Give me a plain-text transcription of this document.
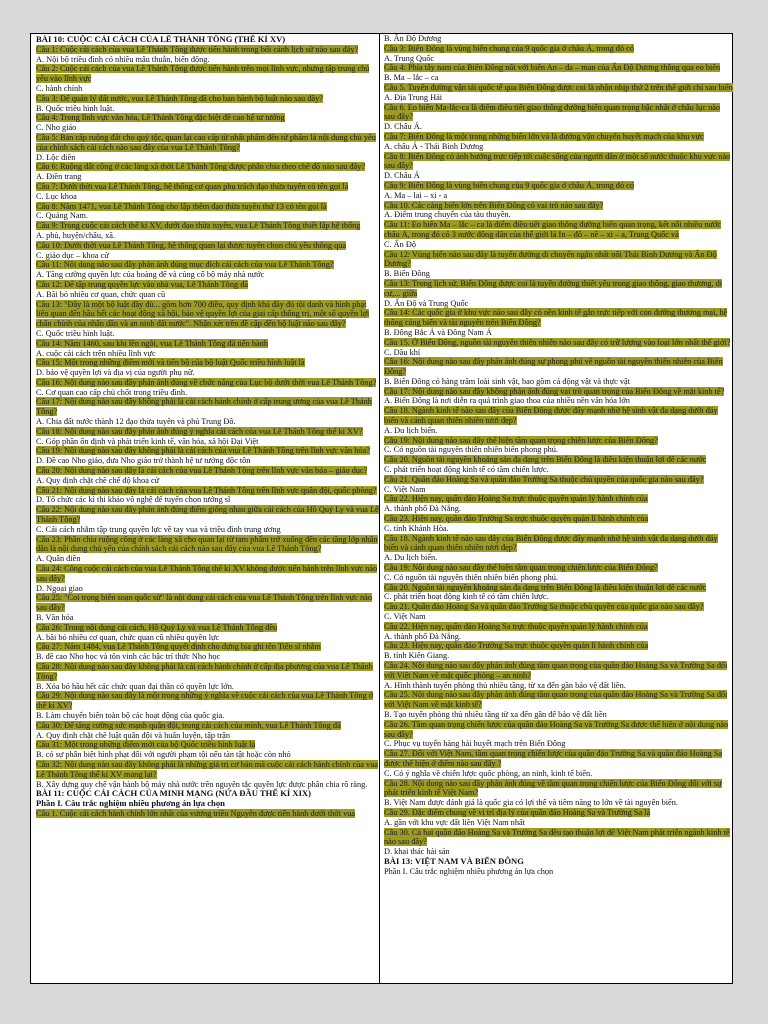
BÀI 10: CUỘC CẢI CÁCH CỦA LÊ THÁNH TÔNG (THẾ KỈ XV)

Câu 1: Cuộc cải cách của vua Lê Thánh Tông được tiến hành trong bối cảnh lịch sử nào sau đây?

A. Nội bộ triều đình có nhiều mâu thuẫn, biến động.

Câu 2: Cuộc cải cách của vua Lê Thánh Tông được tiến hành trên mọi lĩnh vực, nhưng tập trung chủ yếu vào lĩnh vực

C. hành chính

Câu 3: Để quản lý đất nước, vua Lê Thánh Tông đã cho ban hành bộ luật nào sau đây?

B. Quốc triều hình luật.

Câu 4: Trong lĩnh vực văn hóa, Lê Thánh Tông đặc biệt đề cao hệ tư tưởng

C. Nho giáo

Câu 5: Bản cấp ruộng đất cho quý tộc, quan lại cao cấp từ nhất phẩm đến tứ phẩm là nội dung chủ yếu của chính sách cải cách nào sau đây của vua Lê Thánh Tông?

D. Lộc điền

Câu 6: Ruộng đất công ở các làng xã thời Lê Thánh Tông được phân chia theo chế độ nào sau đây?

A. Điền trang

Câu 7: Dưới thời vua Lê Thánh Tông, hệ thống cơ quan phụ trách đạo thừa tuyên có tên gọi là

C. Lục khoa

Câu 8: Năm 1471, vua Lê Thánh Tông cho lập thêm đạo thừa tuyên thứ 13 có tên gọi là

C. Quảng Nam.

Câu 9: Trong cuộc cải cách thế kỉ XV, dưới đạo thừa tuyên, vua Lê Thánh Tông thiết lập hệ thống

A. phủ, huyện/châu, xã.

Câu 10: Dưới thời vua Lê Thánh Tông, hệ thống quan lại được tuyển chọn chủ yếu thông qua

C. giáo dục – khoa cử

Câu 11: Nội dung nào sau đây phản ánh đúng mục đích cải cách của vua Lê Thánh Tông?

A. Tăng cường quyền lực của hoàng đế và củng cố bộ máy nhà nước

Câu 12: Để tập trung quyền lực vào nhà vua, Lê Thánh Tông đã

A. Bãi bỏ nhiều cơ quan, chức quan cũ

Câu 13: "Đây là một bộ luật đầy đủ... gồm hơn 700 điều, quy định khá đầy đủ tội danh và hình phạt liên quan đến hầu hết các hoạt động xã hội, bảo vệ quyền lợi của giai cấp thống trị, một số quyền lợi chân chính của nhân dân và an ninh đất nước". Nhận xét trên đề cập đến bộ luật nào sau đây?

C. Quốc triều hình luật.

Câu 14: Năm 1460, sau khi lên ngôi, vua Lê Thánh Tông đã tiến hành

A. cuộc cải cách trên nhiều lĩnh vực

Câu 15: Một trong những điểm mới và tiến bộ của bộ luật Quốc triều hình luật là

D. bảo vệ quyền lợi và địa vị của người phụ nữ.

Câu 16: Nội dung nào sau đây phản ánh đúng về chức năng của Lục bộ dưới thời vua Lê Thánh Tông?

C. Cơ quan cao cấp chủ chốt trong triều đình.

Câu 17: Nội dung nào sau đây không phải là cải cách hành chính ở cấp trung ương của vua Lê Thánh Tông?

A. Chia đất nước thành 12 đạo thừa tuyên và phủ Trung Đô.

Câu 18: Nội dung nào sau đây phản ánh đúng ý nghĩa cải cách của vua Lê Thánh Tông thế kỉ XV?

C. Góp phần ổn định và phát triển kinh tế, văn hóa, xã hội Đại Việt

Câu 19: Nội dung nào sau đây không phải là cải cách của vua Lê Thánh Tông trên lĩnh vực văn hóa?

D. Đề cao Nho giáo, đưa Nho giáo trở thành hệ tư tưởng độc tôn

Câu 20: Nội dung nào sau đây là cải cách của vua Lê Thánh Tông trên lĩnh vực văn hóa – giáo dục?

A. Quy định chặt chẽ chế độ khoa cử

Câu 21: Nội dung nào sau đây là cải cách của vua Lê Thánh Tông trên lĩnh vực quân đội, quốc phòng?

D. Tổ chức các kì thi khảo võ nghệ để tuyển chọn tướng sĩ

Câu 22: Nội dung nào sau đây phản ánh đúng điểm giống nhau giữa cải cách của Hồ Quý Ly và vua Lê Thánh Tông?

C. Cải cách nhằm tập trung quyền lực về tay vua và triều đình trung ương

Câu 23: Phần chia ruộng công ở các làng xã cho quan lại từ tam phẩm trở xuống đến các tầng lớp nhân dân là nội dung chủ yếu của chính sách cải cách nào sau đây của vua Lê Thánh Tông?

A. Quân điền

Câu 24: Công cuộc cải cách của vua Lê Thánh Tông thế kỉ XV không được tiến hành trên lĩnh vực nào sau đây?

D. Ngoại giao

Câu 25: "Coi trọng biên soạn quốc sử" là nội dung cải cách của vua Lê Thánh Tông trên lĩnh vực nào sau đây?

B. Văn hóa

Câu 26: Trong nội dung cải cách, Hồ Quý Ly và vua Lê Thánh Tông đều

A. bãi bỏ nhiều cơ quan, chức quan cũ nhiều quyền lực

Câu 27: Năm 1484, vua Lê Thánh Tông quyết định cho dựng bia ghi tên Tiến sĩ nhằm

B. đề cao Nho học và tôn vinh các bậc trí thức Nho học

Câu 28: Nội dung nào sau đây không phải là cải cách hành chính ở cấp địa phương của vua Lê Thánh Tông?

B. Xóa bỏ hầu hết các chức quan đại thần có quyền lực lớn.

Câu 29: Nội dung nào sau đây là một trong những ý nghĩa về cuộc cải cách của vua Lê Thánh Tông ở thế kỉ XV?

B. Làm chuyển biến toàn bộ các hoạt động của quốc gia.

Câu 30: Để tăng cường sức mạnh quân đội, trong cải cách của mình, vua Lê Thánh Tông đã

A. Quy định chặt chẽ luật quân đội và huấn luyện, tập trận

Câu 31: Một trong những điểm mới của bộ Quốc triều hình luật là

B. có sự phân biệt hình phạt đối với người phạm tội nếu tàn tật hoặc còn nhỏ

Câu 32: Nội dung nào sau đây không phải là những giá trị cơ bản mà cuộc cải cách hành chính của vua Lê Thánh Tông thế kỉ XV mang lại?

B. Xây dựng quy chế vận hành bộ máy nhà nước trên nguyên tắc quyền lực được phân chia rõ ràng.

BÀI 11: CUỘC CẢI CÁCH CỦA MINH MẠNG (NỬA ĐẦU THẾ KỈ XIX)

Phần I. Câu trắc nghiệm nhiều phương án lựa chọn

Câu 1. Cuộc cải cách hành chính lớn nhất của vương triều Nguyễn được tiến hành dưới thời vua

B. Ấn Độ Dương

Câu 3: Biển Đông là vùng biển chung của 9 quốc gia ở châu Á, trong đó có

A. Trung Quốc

Câu 4: Phía tây nam của Biển Đông nối với biển An – đa – man của Ấn Độ Dương thông qua eo biển

B. Ma – lắc – ca

Câu 5. Tuyến đường vận tải quốc tế qua Biển Đông được coi là nhộn nhịp thứ 2 trên thế giới chỉ sau biển

A. Địa Trung Hải

Câu 6. Eo biển Ma-lắc-ca là điểm điều tiết giao thông đường biển quan trọng bậc nhất ở châu lục nào sau đây?

D. Châu Á.

Câu 7: Biển Đông là một trong những biển lớn và là đường vận chuyển huyết mạch của khu vực

A. châu Á - Thái Bình Dương

Câu 8: Biển Đông có ảnh hưởng trực tiếp tới cuộc sống của người dân ở một số nước thuộc khu vực nào sau đây?

D. Châu Á

Câu 9: Biển Đông là vùng biển chung của 9 quốc gia ở châu Á, trong đó có

A. Ma – lai – xi - a

Câu 10. Các cảng biển lớn trên Biển Đông có vai trò nào sau đây?

A. Điểm trung chuyển của tàu thuyền.

Câu 11: Eo biển Ma – lắc – ca là điểm điều tiết giao thông đường biển quan trọng, kết nối nhiều nước châu Á, trong đó có 3 nước đông dân của thế giới là In – đô – nê – xi – a, Trung Quốc và

C. Ấn Độ

Câu 12: Vùng biển nào sau đây là tuyến đường di chuyển ngắn nhất nối Thái Bình Dương và Ấn Độ Dương?

B. Biển Đông

Câu 13: Trong lịch sử, Biển Đông được coi là tuyến đường thiết yếu trong giao thông, giao thương, di cư,... giữa

D. Ấn Độ và Trung Quốc

Câu 14: Các quốc gia ở khu vực nào sau đây có nền kinh tế gắn trực tiếp với con đường thương mại, hệ thống cảng biển và tài nguyên trên Biển Đông?

B. Đông Bắc Á và Đông Nam Á

Câu 15. Ở Biển Đông, nguồn tài nguyên thiên nhiên nào sau đây có trữ lượng vào loại lớn nhất thế giới?

C. Dầu khí

Câu 16: Nội dung nào sau đây phản ánh đúng sự phong phú về nguồn tài nguyên thiên nhiên của Biển Đông?

B. Biển Đông có hàng trăm loài sinh vật, bao gồm cả động vật và thực vật

Câu 17: Nội dung nào sau đây không phản ánh đúng vai trò quan trọng của Biển Đông về mặt kinh tế?

A. Biển Đông là nơi diễn ra quá trình giao thoa của nhiều nền văn hóa lớn

Câu 18. Ngành kinh tế nào sau đây của Biển Đông được đẩy mạnh nhờ hệ sinh vật đa dạng dưới đáy biển và cảnh quan thiên nhiên tươi đẹp?

A. Du lịch biển.

Câu 19: Nội dung nào sau đây thể hiện tầm quan trọng chiến lược của Biển Đông?

C. Có nguồn tài nguyên thiên nhiên biển phong phú.

Câu 20. Nguồn tài nguyên khoáng sản đa dạng trên Biển Đông là điều kiện thuận lợi để các nước

C. phát triển hoạt động kinh tế có tầm chiến lược.

Câu 21. Quần đảo Hoàng Sa và quần đảo Trường Sa thuộc chủ quyền của quốc gia nào sau đây?

C. Việt Nam

Câu 22. Hiện nay, quần đảo Hoàng Sa trực thuộc quyền quản lý hành chính của

A. thành phố Đà Nẵng.

Câu 23. Hiện nay, quần đảo Trường Sa trực thuộc quyền quản lí hành chính của

C. tỉnh Khánh Hòa.

Câu 18. Ngành kinh tế nào sau đây của Biển Đông được đẩy mạnh nhờ hệ sinh vật đa dạng dưới đáy biển và cảnh quan thiên nhiên tươi đẹp?

A. Du lịch biển.

Câu 19: Nội dung nào sau đây thể hiện tầm quan trọng chiến lược của Biển Đông?

C. Có nguồn tài nguyên thiên nhiên biển phong phú.

Câu 20. Nguồn tài nguyên khoáng sản đa dạng trên Biển Đông là điều kiện thuận lợi để các nước

C. phát triển hoạt động kinh tế có tầm chiến lược.

Câu 21. Quần đảo Hoàng Sa và quần đảo Trường Sa thuộc chủ quyền của quốc gia nào sau đây?

C. Việt Nam

Câu 22. Hiện nay, quần đảo Hoàng Sa trực thuộc quyền quản lý hành chính của

A. thành phố Đà Nẵng.

Câu 23. Hiện nay, quần đảo Trường Sa trực thuộc quyền quản lí hành chính của

B. tỉnh Kiên Giang.

Câu 24. Nội dung nào sau đây phản ánh đúng tầm quan trọng của quần đảo Hoàng Sa và Trường Sa đối với Việt Nam về mặt quốc phòng – an ninh?

A. Hình thành tuyến phòng thủ nhiều tầng, từ xa đến gần bảo vệ đất liền.

Câu 25. Nội dung nào sau đây phản ánh đúng tầm quan trọng của quần đảo Hoàng Sa và Trường Sa đối với Việt Nam về mặt kinh tế?

B. Tạo tuyến phòng thủ nhiều tầng từ xa đến gần để bảo vệ đất liền

Câu 26. Tầm quan trọng chiến lược của quần đảo Hoàng Sa và Trường Sa được thể hiện ở nội dung nào sau đây?

C. Phục vụ tuyến hàng hải huyết mạch trên Biển Đông

Câu 27. Đối với Việt Nam, tầm quan trọng chiến lược của quần đảo Trường Sa và quần đảo Hoàng Sa được thể hiện ở điểm nào sau đây ?

C. Có ý nghĩa về chiến lược quốc phòng, an ninh, kinh tế biển.

Câu 28. Nội dung nào sau đây phản ánh đúng về tầm quan trọng chiến lược của Biển Đông đối với sự phát triển kinh tế Việt Nam?

B. Việt Nam được đánh giá là quốc gia có lợi thế và tiềm năng to lớn về tài nguyên biển.

Câu 29. Đặc điểm chung về vị trí địa lý của quần đảo Hoàng Sa và Trường Sa là

A. gần với khu vực đất liền Việt Nam nhất

Câu 30. Cả hai quần đảo Hoàng Sa và Trường Sa đều tạo thuận lợi để Việt Nam phát triển ngành kinh tế nào sau đây?

D. khai thác hải sản

BÀI 13: VIỆT NAM VÀ BIỂN ĐÔNG

Phần I. Câu trắc nghiệm nhiều phương án lựa chọn
